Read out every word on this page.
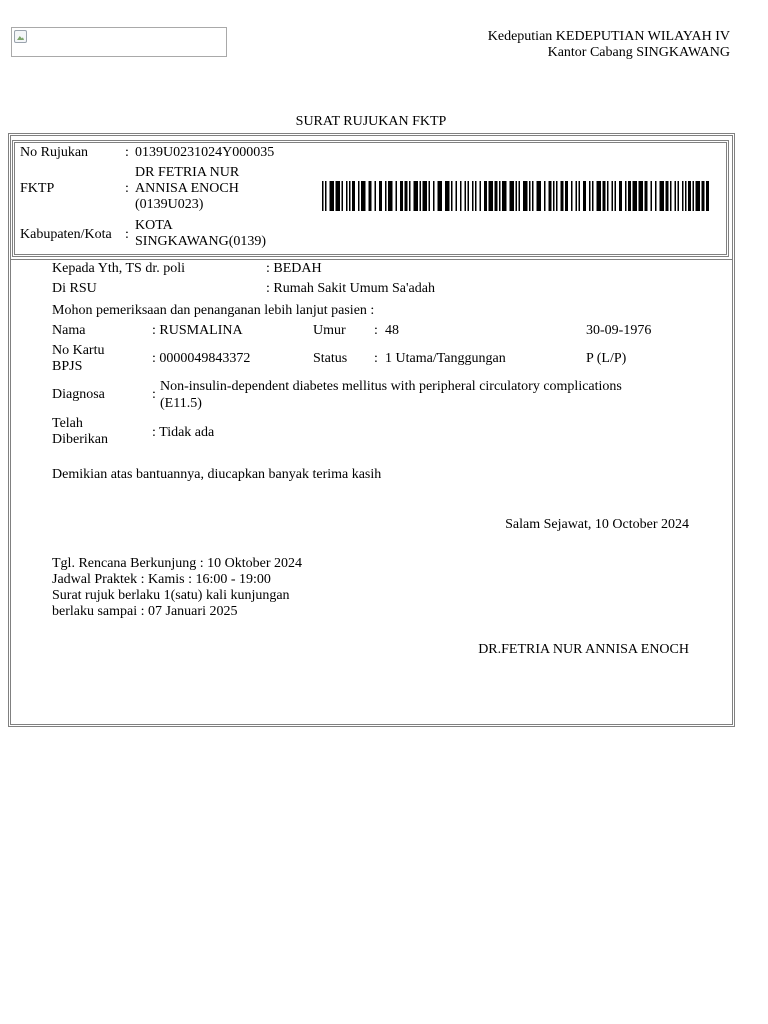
Kedeputian KEDEPUTIAN WILAYAH IV
Kantor Cabang SINGKAWANG
SURAT RUJUKAN FKTP
No Rujukan	: 0139U0231024Y000035
FKTP	:
DR FETRIA NUR
ANNISA ENOCH
(0139U023)
Kabupaten/Kota :
KOTA
SINGKAWANG(0139)
Kepada Yth, TS dr. poli	: BEDAH
Di RSU	: Rumah Sakit Umum Sa'adah
Mohon pemeriksaan dan penanganan lebih lanjut pasien :
Nama	: RUSMALINA	Umur : 48	30-09-1976
No Kartu
BPJS
: 0000049843372	Status : 1 Utama/Tanggungan	P (L/P)
Diagnosa	:
Non-insulin-dependent diabetes mellitus with peripheral circulatory complications
(E11.5)
Telah
Diberikan	: Tidak ada
Demikian atas bantuannya, diucapkan banyak terima kasih
Salam Sejawat, 10 October 2024
Tgl. Rencana Berkunjung : 10 Oktober 2024
Jadwal Praktek : Kamis : 16:00 - 19:00
Surat rujuk berlaku 1(satu) kali kunjungan
berlaku sampai : 07 Januari 2025
DR.FETRIA NUR ANNISA ENOCH
